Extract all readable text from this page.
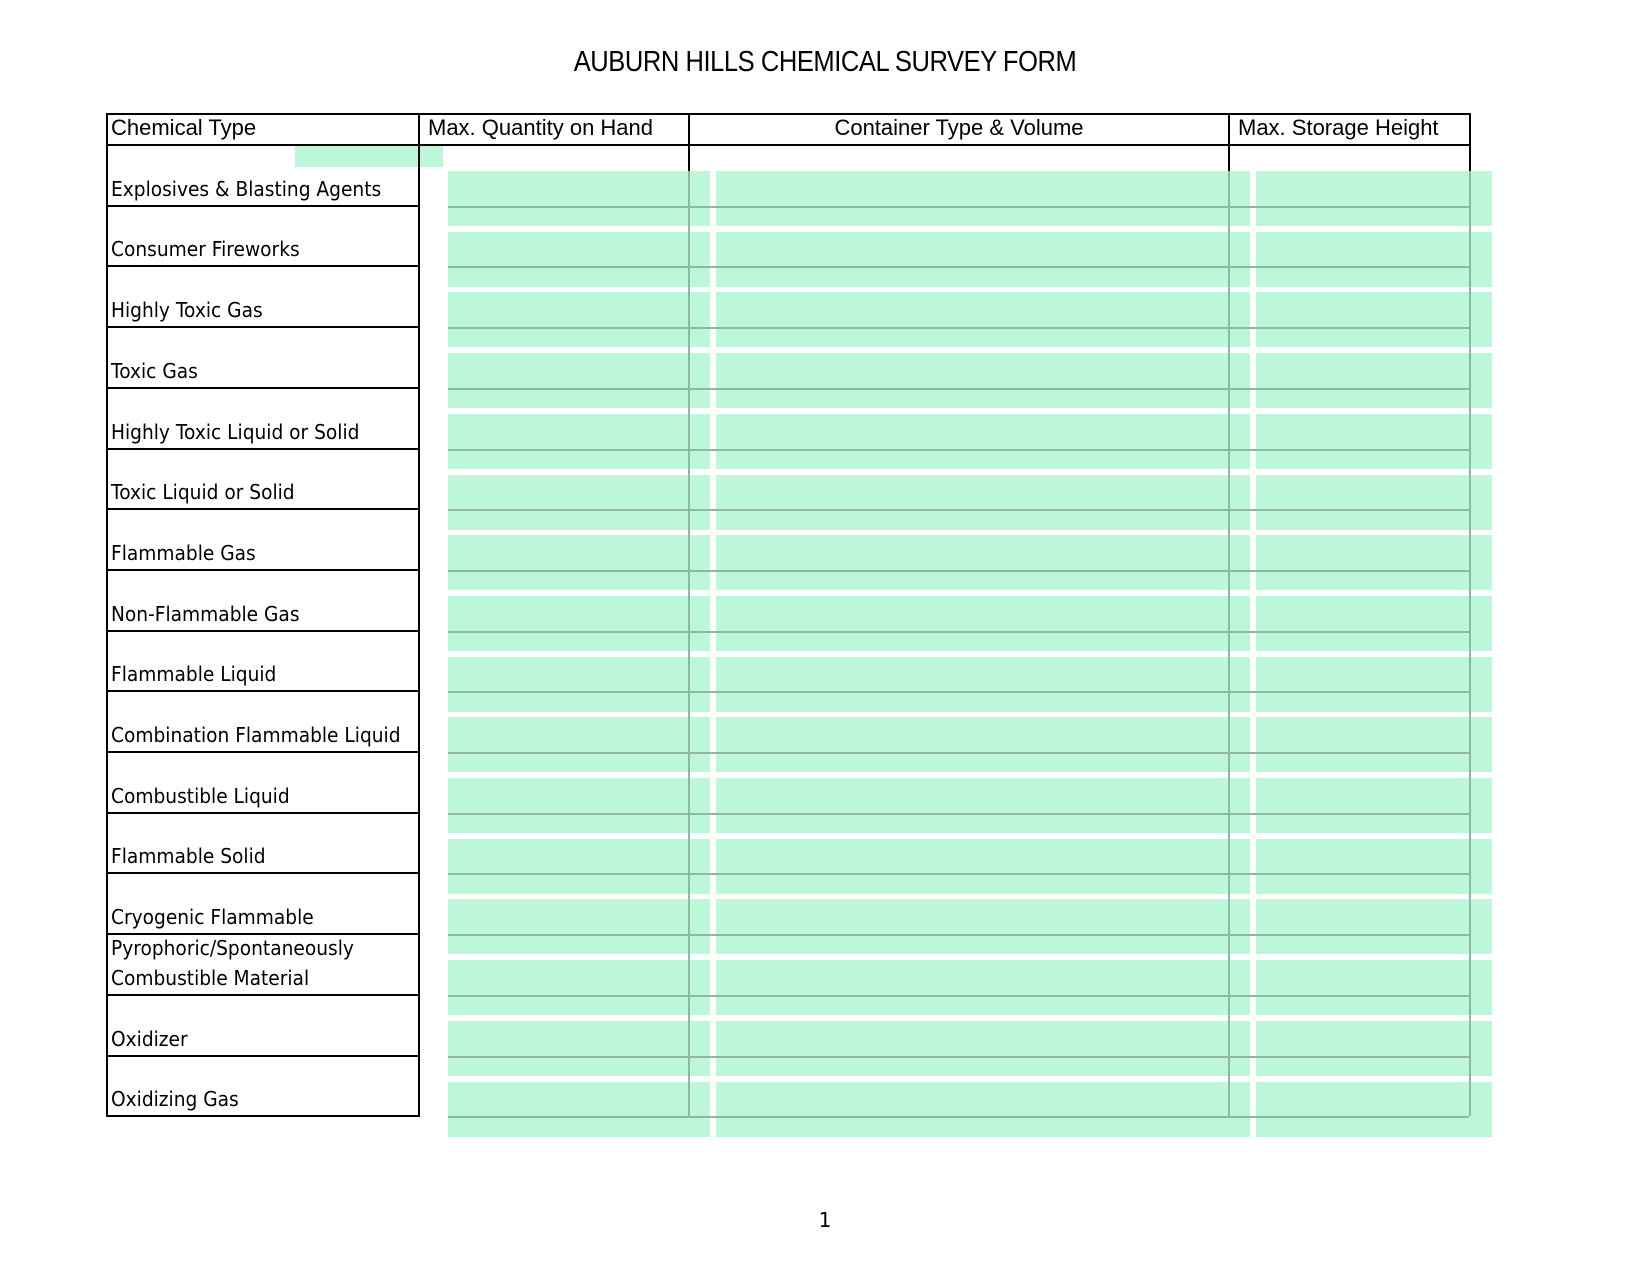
AUBURN HILLS CHEMICAL SURVEY FORM
Chemical Type	Max. Quantity on Hand	Container Type & Volume	Max. Storage Height
1
Explosives & Blasting Agents
Consumer Fireworks
Highly Toxic Gas
Toxic Gas
Highly Toxic Liquid or Solid
Toxic Liquid or Solid
Flammable Gas
Non-Flammable Gas
Flammable Liquid
Combination Flammable Liquid
Combustible Liquid
Flammable Solid
Cryogenic Flammable
Pyrophoric/Spontaneously
Combustible Material
Oxidizer
Oxidizing Gas
